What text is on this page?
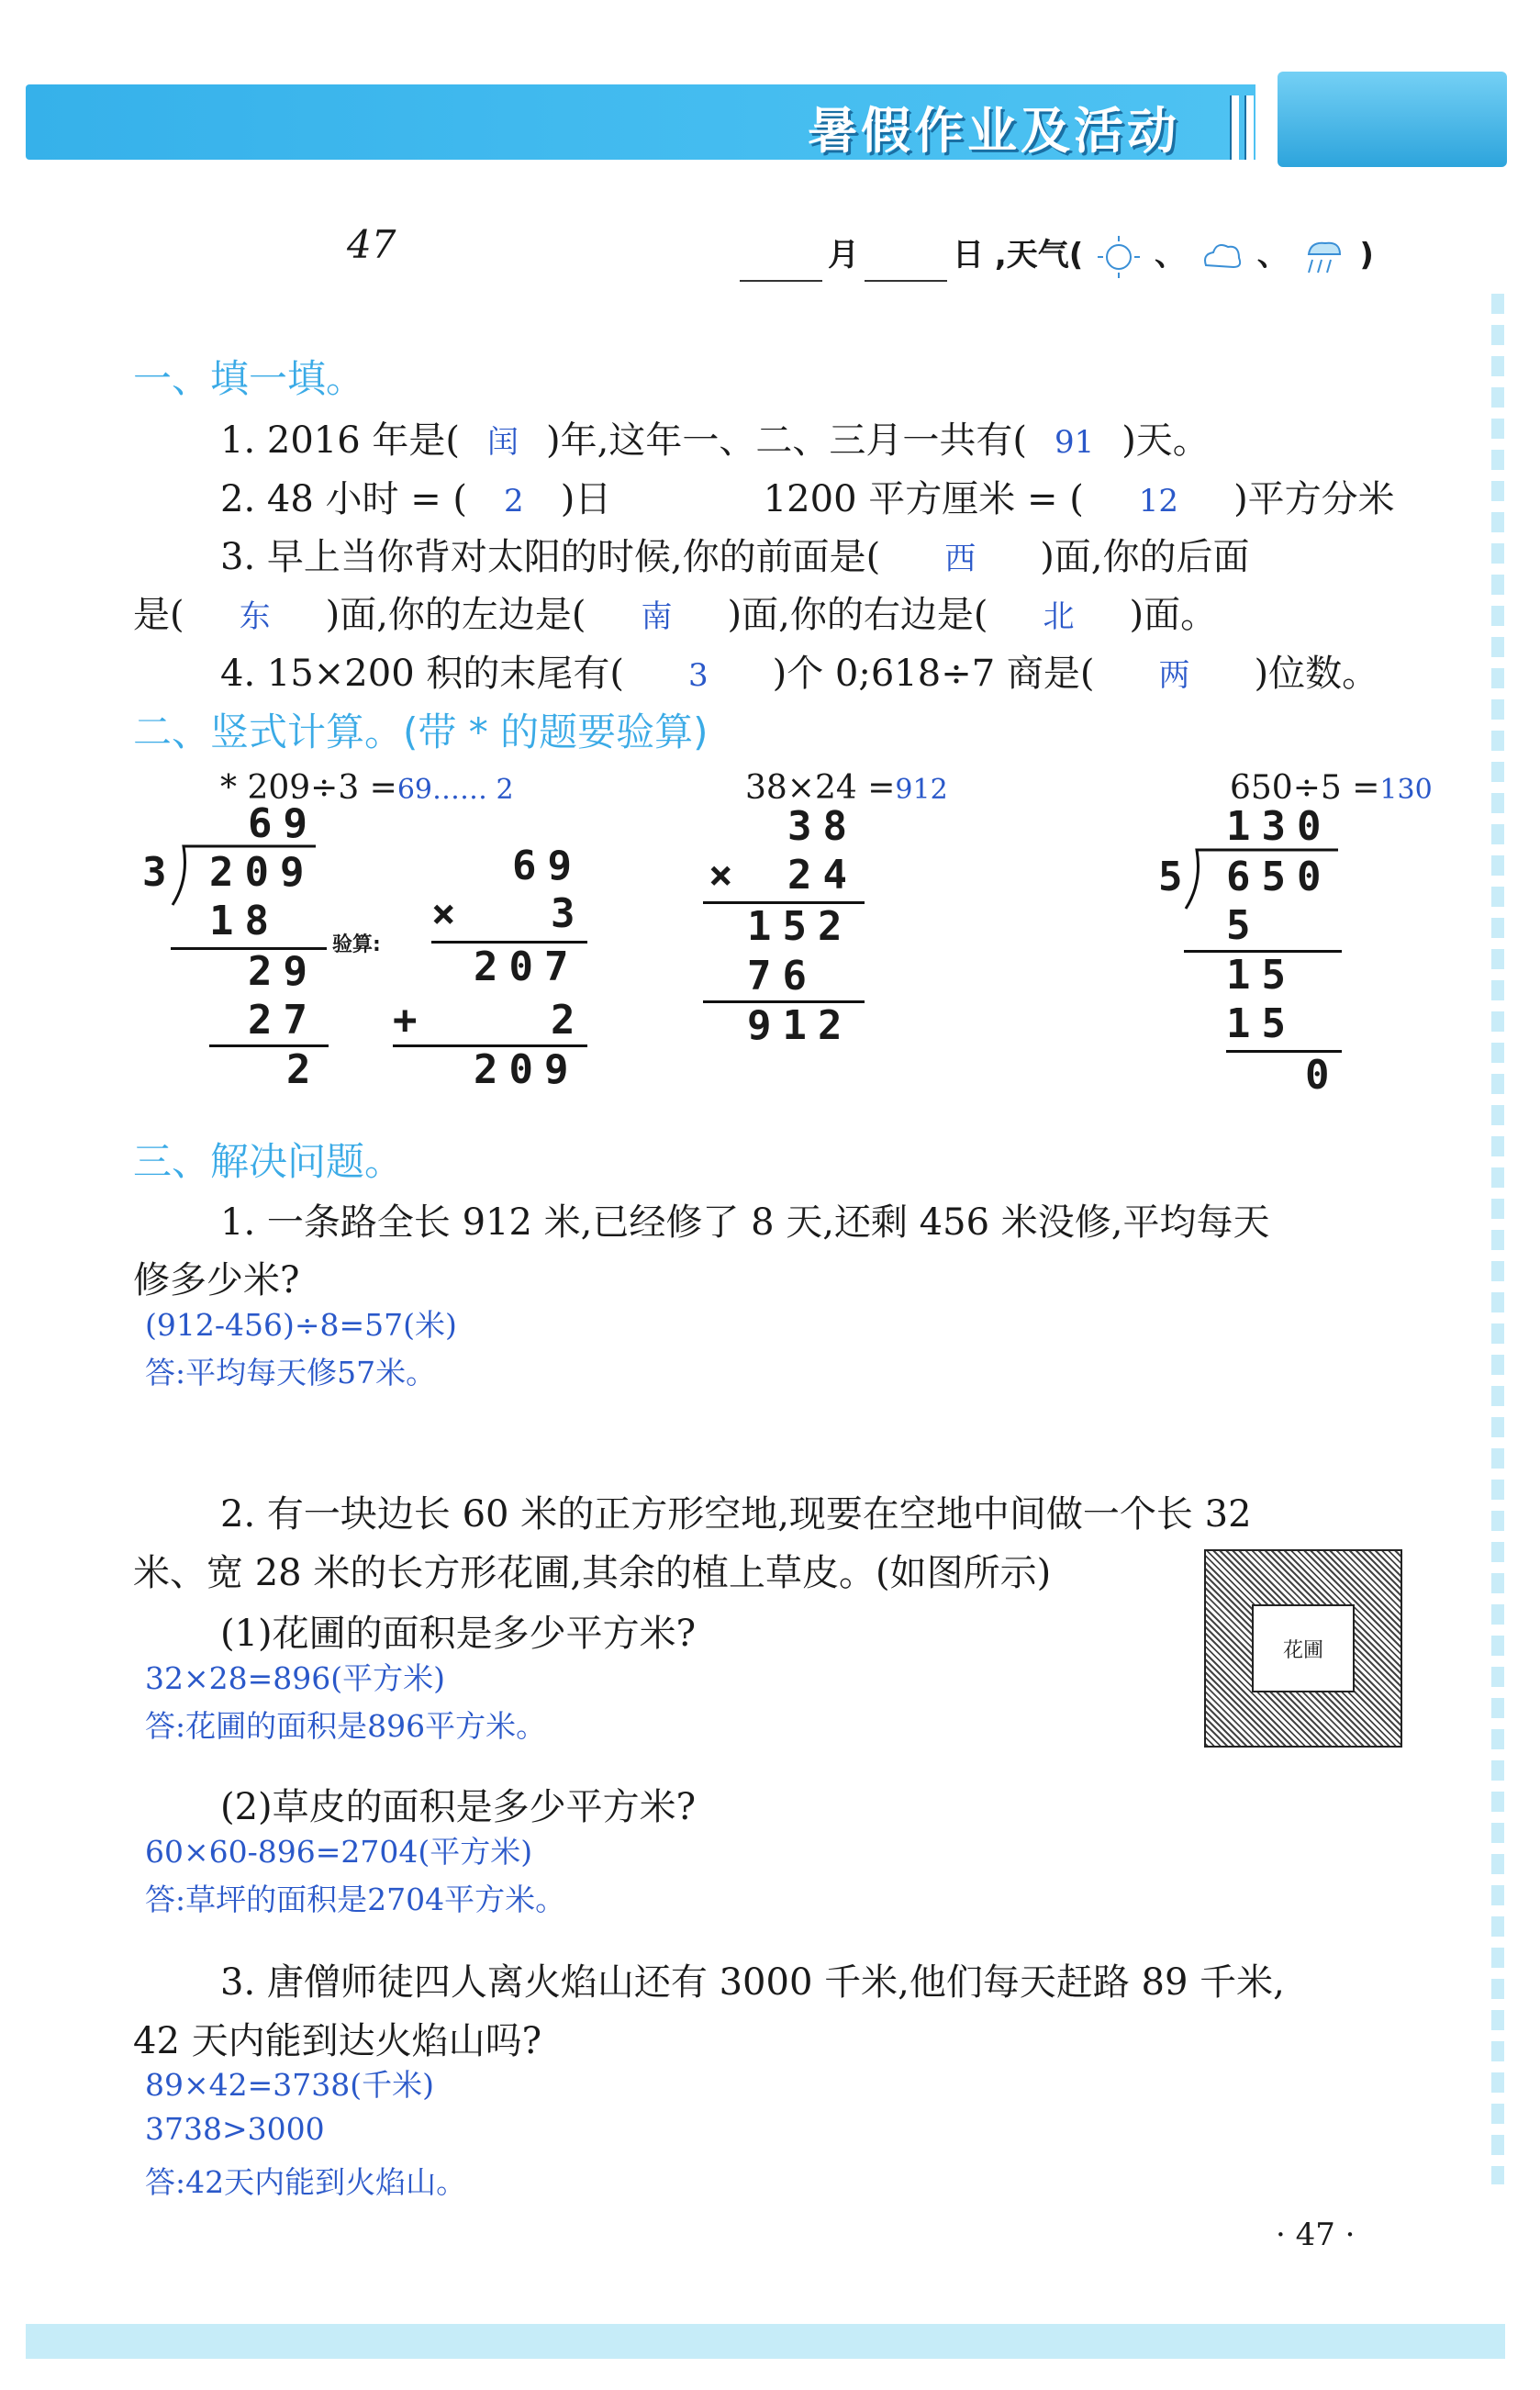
暑假作业及活动
47	月	日 ,天气( 、 、 )
一、填一填。
1. 2016 年是( 闰 )年,这年一、二、三月一共有( 91 )天。
2. 48 小时 = ( 2 )日	1200 平方厘米 = ( 12 )平方分米
3. 早上当你背对太阳的时候,你的前面是( 西 )面,你的后面
是( 东 )面,你的左边是( 南 )面,你的右边是( 北 )面。
4. 15×200 积的末尾有( 3 )个 0;618÷7 商是( 两 )位数。
二、竖式计算。(带 * 的题要验算)
* 209÷3 =69…… 2
69
3 209
18
29
27
2
验算:
69
× 3
207
+	2
209
38×24 =912
38
× 24
152
76
912
650÷5 =130
130
5 650
5
15
15
0
三、解决问题。
1. 一条路全长 912 米,已经修了 8 天,还剩 456 米没修,平均每天
修多少米?
(912-456)÷8=57(米)
答:平均每天修57米。
2. 有一块边长 60 米的正方形空地,现要在空地中间做一个长 32
米、宽 28 米的长方形花圃,其余的植上草皮。(如图所示)
(1)花圃的面积是多少平方米?
32×28=896(平方米)
答:花圃的面积是896平方米。
(2)草皮的面积是多少平方米?
60×60-896=2704(平方米)
答:草坪的面积是2704平方米。
花圃
3. 唐僧师徒四人离火焰山还有 3000 千米,他们每天赶路 89 千米,
42 天内能到达火焰山吗?
89×42=3738(千米)
3738>3000
答:42天内能到火焰山。
· 47 ·
